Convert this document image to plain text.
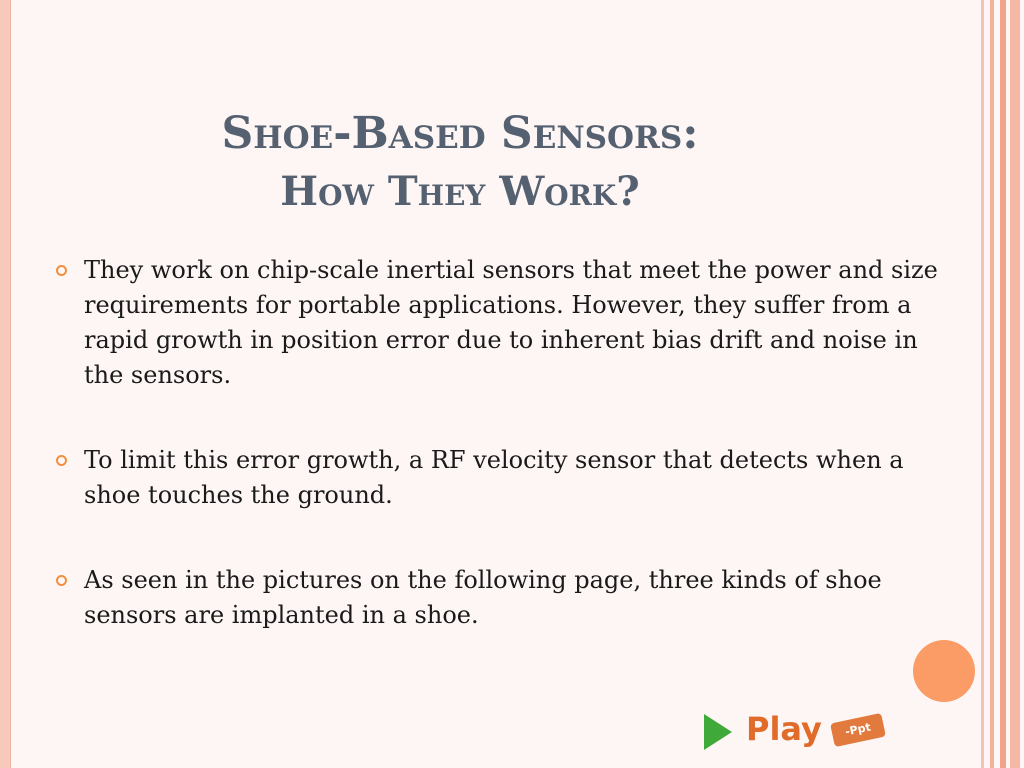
Shoe-Based Sensors:
How They Work?
They work on chip-scale inertial sensors that meet the power and size requirements for portable applications. However, they suffer from a rapid growth in position error due to inherent bias drift and noise in the sensors.
To limit this error growth, a RF velocity sensor that detects when a shoe touches the ground.
As seen in the pictures on the following page, three kinds of shoe sensors are implanted in a shoe.
Play	-Ppt
